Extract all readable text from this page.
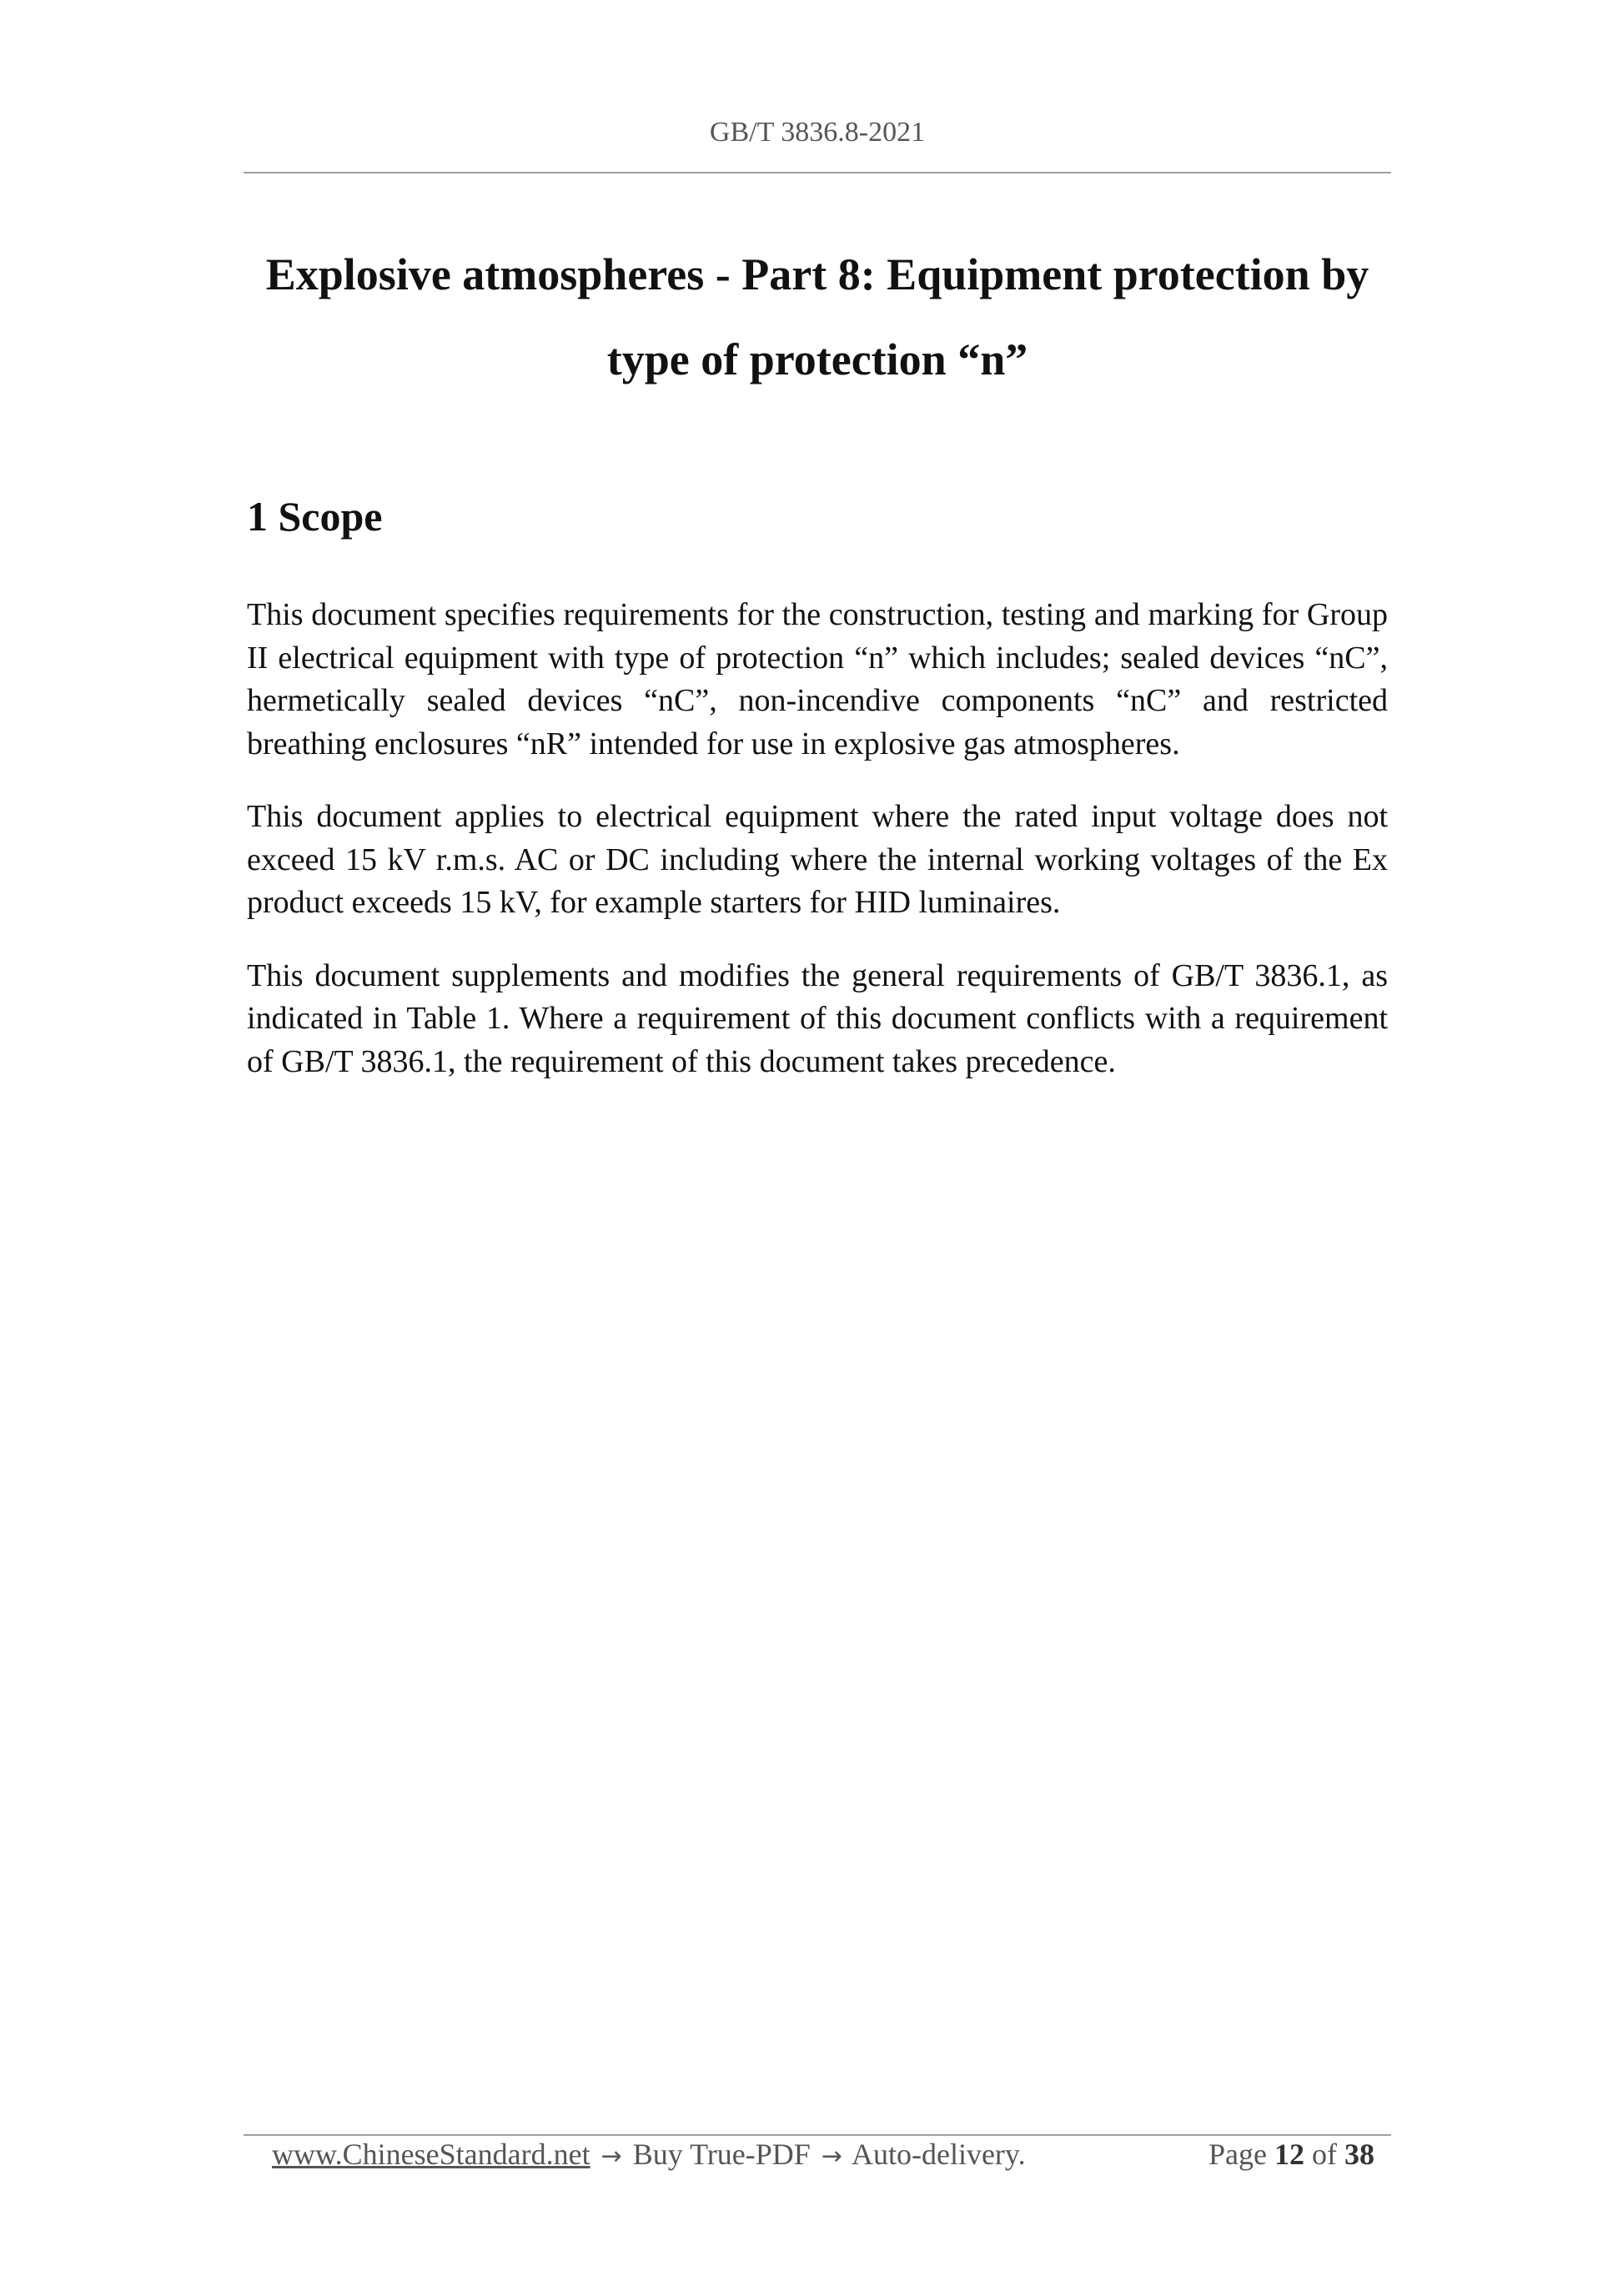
GB/T 3836.8-2021
Explosive atmospheres - Part 8: Equipment protection by
type of protection “n”
1 Scope

This document specifies requirements for the construction, testing and marking for Group II electrical equipment with type of protection “n” which includes; sealed devices “nC”, hermetically sealed devices “nC”, non-incendive components “nC” and restricted breathing enclosures “nR” intended for use in explosive gas atmospheres.

This document applies to electrical equipment where the rated input voltage does not exceed 15 kV r.m.s. AC or DC including where the internal working voltages of the Ex product exceeds 15 kV, for example starters for HID luminaires.

This document supplements and modifies the general requirements of GB/T 3836.1, as indicated in Table 1. Where a requirement of this document conflicts with a requirement of GB/T 3836.1, the requirement of this document takes precedence.

www.ChineseStandard.net → Buy True-PDF → Auto-delivery.	Page 12 of 38
